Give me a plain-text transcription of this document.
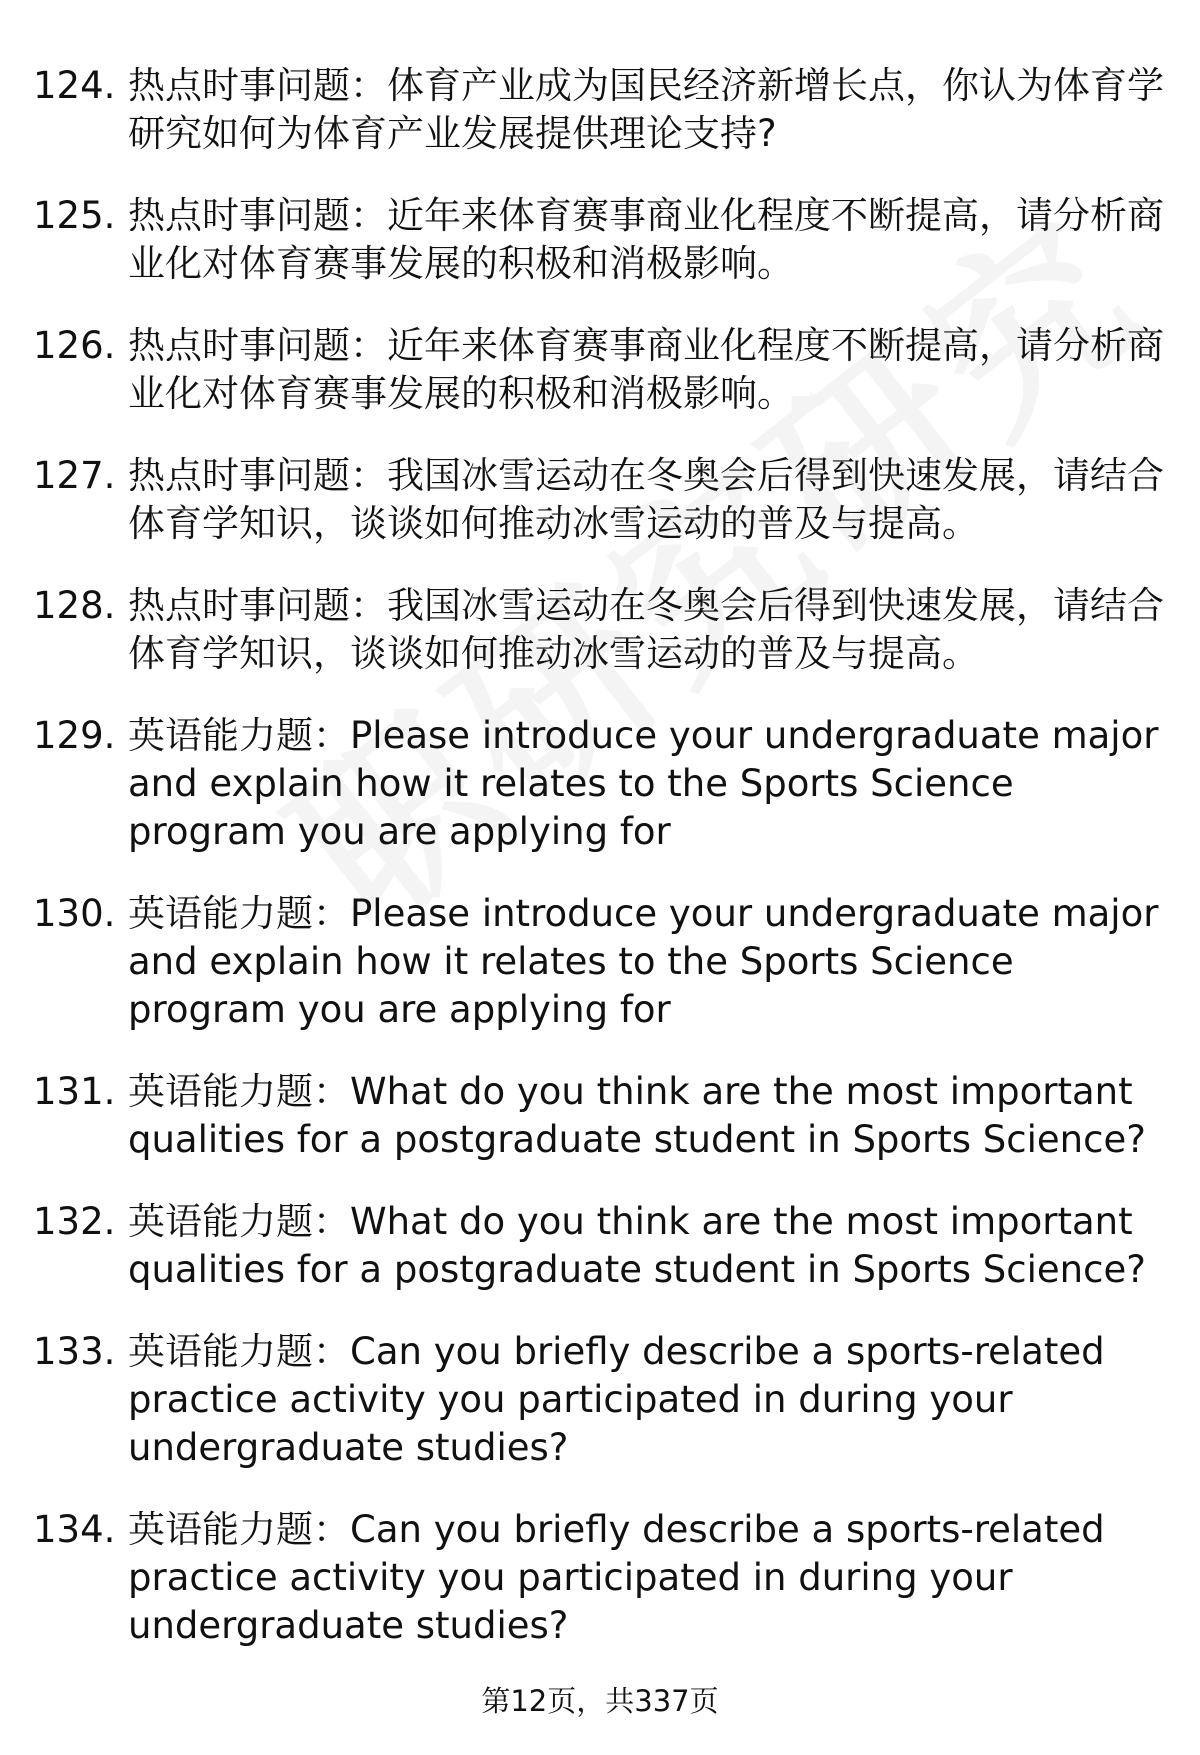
124. 热点时事问题：体育产业成为国民经济新增长点，你认为体育学研究如何为体育产业发展提供理论支持?
125. 热点时事问题：近年来体育赛事商业化程度不断提高，请分析商业化对体育赛事发展的积极和消极影响。
126. 热点时事问题：近年来体育赛事商业化程度不断提高，请分析商业化对体育赛事发展的积极和消极影响。
127. 热点时事问题：我国冰雪运动在冬奥会后得到快速发展，请结合体育学知识，谈谈如何推动冰雪运动的普及与提高。
128. 热点时事问题：我国冰雪运动在冬奥会后得到快速发展，请结合体育学知识，谈谈如何推动冰雪运动的普及与提高。
129. 英语能力题：Please introduce your undergraduate major and explain how it relates to the Sports Science program you are applying for
130. 英语能力题：Please introduce your undergraduate major and explain how it relates to the Sports Science program you are applying for
131. 英语能力题：What do you think are the most important qualities for a postgraduate student in Sports Science?
132. 英语能力题：What do you think are the most important qualities for a postgraduate student in Sports Science?
133. 英语能力题：Can you briefly describe a sports-related practice activity you participated in during your undergraduate studies?
134. 英语能力题：Can you briefly describe a sports-related practice activity you participated in during your undergraduate studies?
第12页，共337页
